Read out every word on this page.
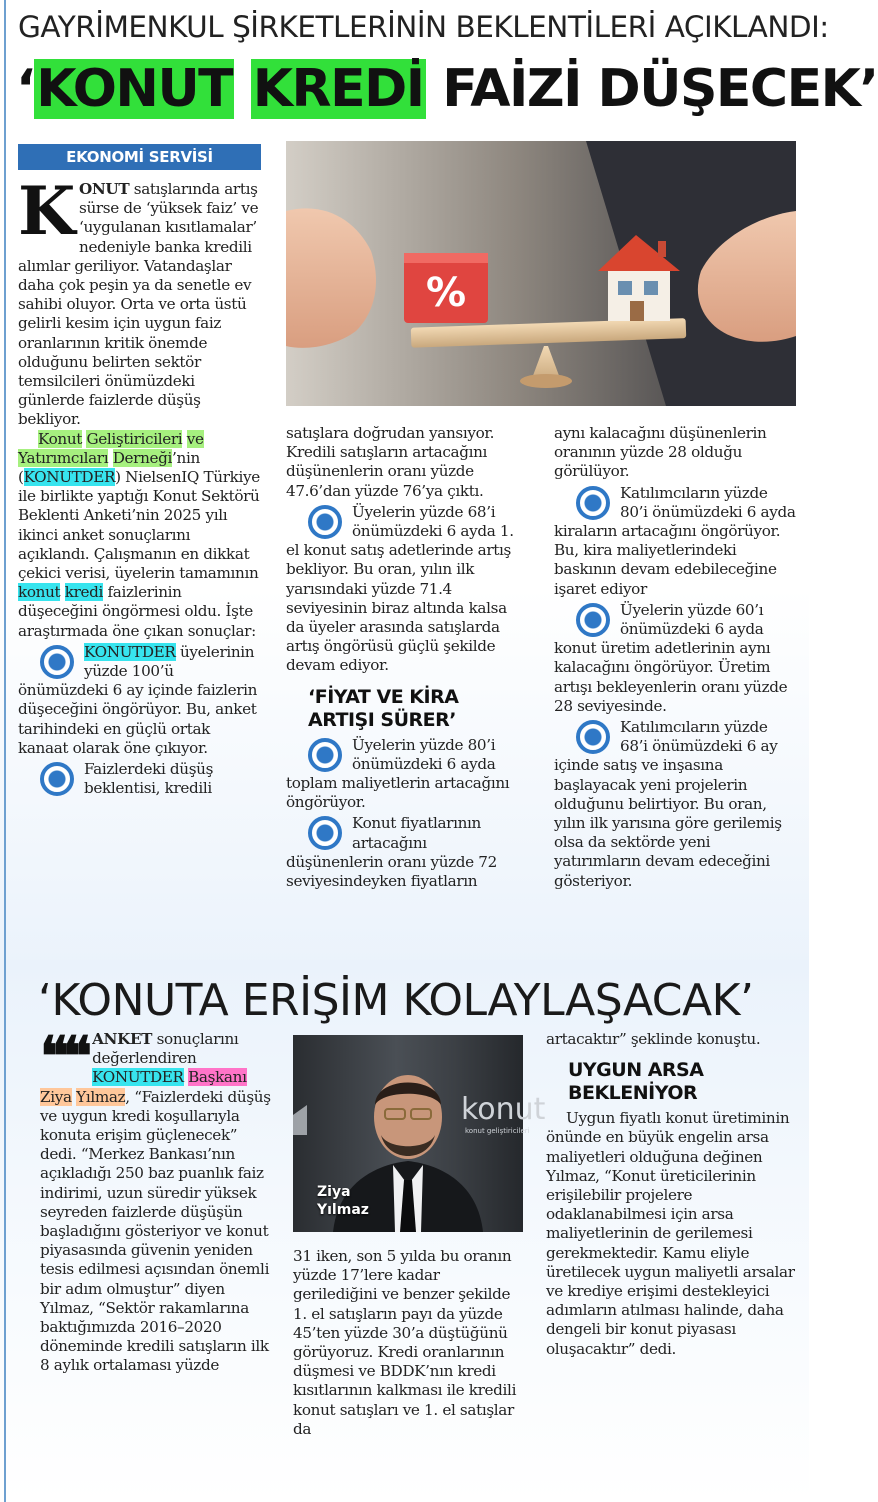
GAYRİMENKUL ŞİRKETLERİNİN BEKLENTİLERİ AÇIKLANDI:
‘KONUT KREDİ FAİZİ DÜŞECEK’
EKONOMİ SERVİSİ
%

KONUT satışlarında artış sürse de ‘yüksek faiz’ ve ‘uygulanan kısıtlamalar’ nedeniyle banka kredili alımlar geriliyor. Vatandaşlar daha çok peşin ya da senetle ev sahibi oluyor. Orta ve orta üstü gelirli kesim için uygun faiz oranlarının kritik önemde olduğunu belirten sektör temsilcileri önümüzdeki günlerde faizlerde düşüş bekliyor.

Konut Geliştiricileri ve Yatırımcıları Derneği’nin (KONUTDER) NielsenIQ Türkiye ile birlikte yaptığı Konut Sektörü Beklenti Anketi’nin 2025 yılı ikinci anket sonuçlarını açıklandı. Çalışmanın en dikkat çekici verisi, üyelerin tamamının konut kredi faizlerinin düşeceğini öngörmesi oldu. İşte araştırmada öne çıkan sonuçlar:

KONUTDER üyelerinin yüzde 100’ü önümüzdeki 6 ay içinde faizlerin düşeceğini öngörüyor. Bu, anket tarihindeki en güçlü ortak kanaat olarak öne çıkıyor.

Faizlerdeki düşüş beklentisi, kredili

satışlara doğrudan yansıyor. Kredili satışların artacağını düşünenlerin oranı yüzde 47.6’dan yüzde 76’ya çıktı.

Üyelerin yüzde 68’i önümüzdeki 6 ayda 1. el konut satış adetlerinde artış bekliyor. Bu oran, yılın ilk yarısındaki yüzde 71.4 seviyesinin biraz altında kalsa da üyeler arasında satışlarda artış öngörüsü güçlü şekilde devam ediyor.

‘FİYAT VE KİRA ARTIŞI SÜRER’

Üyelerin yüzde 80’i önümüzdeki 6 ayda toplam maliyetlerin artacağını öngörüyor.

Konut fiyatlarının artacağını düşünenlerin oranı yüzde 72 seviyesindeyken fiyatların

aynı kalacağını düşünenlerin oranının yüzde 28 olduğu görülüyor.

Katılımcıların yüzde 80’i önümüzdeki 6 ayda kiraların artacağını öngörüyor. Bu, kira maliyetlerindeki baskının devam edebileceğine işaret ediyor

Üyelerin yüzde 60’ı önümüzdeki 6 ayda konut üretim adetlerinin aynı kalacağını öngörüyor. Üretim artışı bekleyenlerin oranı yüzde 28 seviyesinde.

Katılımcıların yüzde 68’i önümüzdeki 6 ay içinde satış ve inşasına başlayacak yeni projelerin olduğunu belirtiyor. Bu oran, yılın ilk yarısına göre gerilemiş olsa da sektörde yeni yatırımların devam edeceğini gösteriyor.

‘KONUTA ERİŞİM KOLAYLAŞACAK’

❝❝ ANKET sonuçlarını değerlendiren KONUTDER Başkanı Ziya Yılmaz, “Faizlerdeki düşüş ve uygun kredi koşullarıyla konuta erişim güçlenecek” dedi. “Merkez Bankası’nın açıkladığı 250 baz puanlık faiz indirimi, uzun süredir yüksek seyreden faizlerde düşüşün başladığını gösteriyor ve konut piyasasında güvenin yeniden tesis edilmesi açısından önemli bir adım olmuştur” diyen Yılmaz, “Sektör rakamlarına baktığımızda 2016–2020 döneminde kredili satışların ilk 8 aylık ortalaması yüzde

konut
konut geliştiricileri
Ziya
Yılmaz

31 iken, son 5 yılda bu oranın yüzde 17’lere kadar gerilediğini ve benzer şekilde 1. el satışların payı da yüzde 45’ten yüzde 30’a düştüğünü görüyoruz. Kredi oranlarının düşmesi ve BDDK’nın kredi kısıtlarının kalkması ile kredili konut satışları ve 1. el satışlar da

artacaktır” şeklinde konuştu.

UYGUN ARSA BEKLENİYOR

Uygun fiyatlı konut üretiminin önünde en büyük engelin arsa maliyetleri olduğuna değinen Yılmaz, “Konut üreticilerinin erişilebilir projelere odaklanabilmesi için arsa maliyetlerinin de gerilemesi gerekmektedir. Kamu eliyle üretilecek uygun maliyetli arsalar ve krediye erişimi destekleyici adımların atılması halinde, daha dengeli bir konut piyasası oluşacaktır” dedi.
